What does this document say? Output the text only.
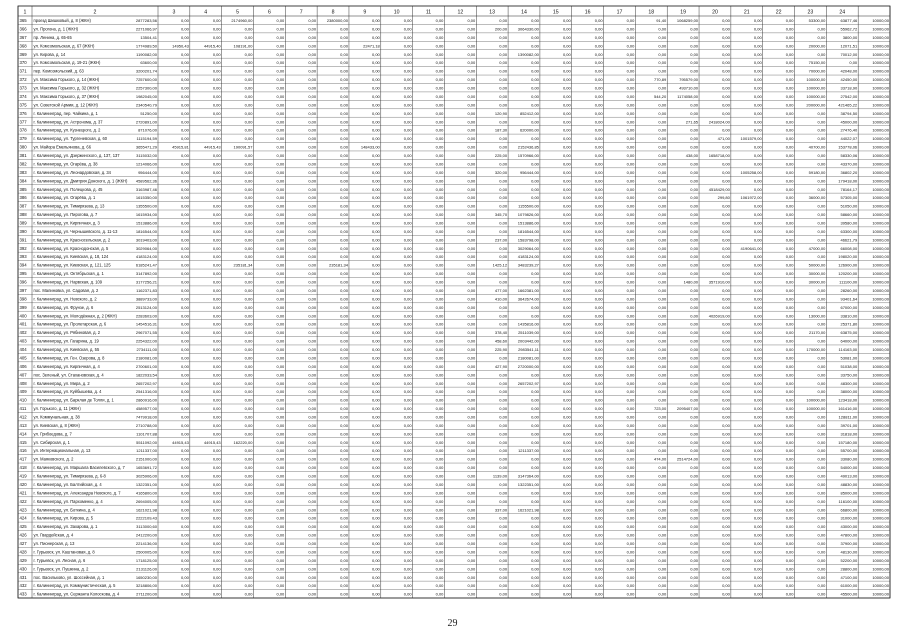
1	2	3	4	5	6	7	8	9	10	11	12	13	14	15	16	17	18	19	20	21	22	23	24
365 проезд Шишковый, д. 8 (ЖКН)	2877283,56	0,00	0,00	2174960,00	0,00	0,00	2380000,00	0,00	0,00	0,00	0,00	0,00	0,00	0,00	0,00	0,00	91,40	1068259,00	0,00	0,00	0,00	53300,00	63877,46	10000,00
366 ул. Прогона, д. 1 (ЖКН)	2271066,97	0,00	0,00	0,00	0,00	0,00	0,00	0,00	0,00	0,00	0,00	200,00	3064330,00	0,00	0,00	0,00	0,00	0,00	0,00	0,00	0,00	0,00	55962,72	10000,00
367 пр. Ленина, д. 65-65	13504,41	0,00	0,00	0,00	0,00	0,00	0,00	0,00	0,00	0,00	0,00	0,00	0,00	0,00	0,00	0,00	0,00	0,00	0,00	0,00	0,00	0,00	3800,00	10000,00
368 ул. Комсомольская, д. 67 (ЖКН)	1774989,50	14950,43	44915,40	108191,00	0,00	0,00	0,00	22471,18	0,00	0,00	0,00	0,00	0,00	0,00	0,00	0,00	0,00	0,00	0,00	0,00	0,00	20000,00	12071,51	10000,00
369 ул. Кирова, д. 14	1190082,00	0,00	0,00	0,00	0,00	0,00	0,00	0,00	0,00	0,00	0,00	0,00	1390082,00	0,00	0,00	0,00	0,00	0,00	0,00	0,00	0,00	0,00	70012,00	10000,00
370 ул. Комсомольская, д. 19-21 (ЖКН)	63600,00	0,00	0,00	0,00	0,00	0,00	0,00	0,00	0,00	0,00	0,00	0,00	0,00	0,00	0,00	0,00	0,00	0,00	0,00	0,00	0,00	75150,00	0,00	10000,00
371 пер. Комсомольский, д. 63	3200201,74	0,00	0,00	0,00	0,00	0,00	0,00	0,00	0,00	0,00	0,00	0,00	0,00	0,00	0,00	0,00	0,00	0,00	0,00	0,00	0,00	70000,00	42048,00	10000,00
372 ул. Максима Горького, д. 14 (ЖКН)	7257600,00	0,00	0,00	0,00	0,00	0,00	0,00	0,00	0,00	0,00	0,00	0,00	0,00	0,00	0,00	0,00	770,89	795579,00	0,00	0,00	0,00	100000,00	42450,00	10000,00
373 ул. Максима Горького, д. 32 (ЖКН)	2257300,00	0,00	0,00	0,00	0,00	0,00	0,00	0,00	0,00	0,00	0,00	0,00	0,00	0,00	0,00	0,00	0,00	493710,00	0,00	0,00	0,00	100000,00	33718,90	10000,00
374 ул. Максима Горького, д. 37 (ЖКН)	1982045,00	0,00	0,00	0,00	0,00	0,00	0,00	0,00	0,00	0,00	0,00	0,00	0,00	0,00	0,00	0,00	544,20	1174058,00	0,00	0,00	0,00	100000,00	27542,00	10000,00
375 ул. Советской Армии, д. 12 (ЖКН)	2340540,79	0,00	0,00	0,00	0,00	0,00	0,00	0,00	0,00	0,00	0,00	0,00	0,00	0,00	0,00	0,00	0,00	0,00	0,00	0,00	0,00	200000,00	421465,22	10000,00
376 г. Калининград, пер. Чайкина, д. 1	51250,00	0,00	0,00	0,00	0,00	0,00	0,00	0,00	0,00	0,00	0,00	120,90	852412,00	0,00	0,00	0,00	0,00	0,00	0,00	0,00	0,00	0,00	38794,50	10000,00
377 г. Калининград, ул. Астронома, д. 37	2720891,00	0,00	0,00	0,00	0,00	0,00	0,00	0,00	0,00	0,00	0,00	0,00	0,00	0,00	0,00	0,00	0,00	271,65	2418024,00	0,00	0,00	0,00	45000,00	10000,00
378 г. Калининград, ул. Кузнецкого, д. 2	871076,00	0,00	0,00	0,00	0,00	0,00	0,00	0,00	0,00	0,00	0,00	187,30	620000,00	0,00	0,00	0,00	0,00	0,00	0,00	0,00	0,00	0,00	27476,40	10000,00
379 г. Калининград, ул. Тургеневская, д. 60	1115194,59	0,00	0,00	0,00	0,00	0,00	0,00	0,00	0,00	0,00	0,00	0,00	0,00	0,00	0,00	0,00	0,00	0,00	471,00	1001579,00	0,00	0,00	44022,07	10000,00
380 ул. Майора Емельянова, д. 66	3655471,29	45915,81	44915,43	190091,57	0,00	0,00	0,00	148433,00	0,00	0,00	0,00	0,00	2152436,85	0,00	0,00	0,00	0,00	0,00	0,00	0,00	0,00	40700,00	153778,06	10000,00
381 г. Калининград, ул. Дзержинского, д. 137, 137	3115032,00	0,00	0,00	0,00	0,00	0,00	0,00	0,00	0,00	0,00	0,00	225,00	1570966,00	0,00	0,00	0,00	0,00	438,00	1658718,00	0,00	0,00	0,00	58330,06	10000,00
382 г. Калининград, ул. Огарёва, д. 38	1214066,00	0,00	0,00	0,00	0,00	0,00	0,00	0,00	0,00	0,00	0,00	0,00	0,00	0,00	0,00	0,00	0,00	0,00	0,00	0,00	0,00	0,00	43370,00	10000,00
383 г. Калининград, ул. Леонардовская, д. 34	956444,00	0,00	0,00	0,00	0,00	0,00	0,00	0,00	0,00	0,00	0,00	320,00	956444,00	0,00	0,00	0,00	0,00	0,00	0,00	1005258,00	0,00	59180,00	36802,20	10000,00
384 г. Калининград, ул. Дмитрия Донского, д. 1 (ЖКН) 4589562,36	0,00	0,00	0,00	0,00	0,00	0,00	0,00	0,00	0,00	0,00	0,00	0,00	0,00	0,00	0,00	0,00	0,00	0,00	0,00	0,00	0,00	179418,00	10000,00
385 г. Калининград, ул. Полецкова, д. 45	3163987,46	0,00	0,00	0,00	0,00	0,00	0,00	0,00	0,00	0,00	0,00	0,00	0,00	0,00	0,00	0,00	0,00	0,00	4518429,00	0,00	0,00	0,00	78164,17	10000,00
386 г. Калининград, ул. Огарёва, д. 1	1615350,00	0,00	0,00	0,00	0,00	0,00	0,00	0,00	0,00	0,00	0,00	0,00	0,00	0,00	0,00	0,00	0,00	0,00	299,80	1061972,00	0,00	36000,00	57305,00	10000,00
387 г. Калининград, ул. Тимирязева, д. 13	1355500,00	0,00	0,00	0,00	0,00	0,00	0,00	0,00	0,00	0,00	0,00	0,00	1155500,00	0,00	0,00	0,00	0,00	0,00	0,00	0,00	0,00	0,00	51050,00	10000,00
388 г. Калининград, ул. Пирогова, д. 7	1615934,00	0,00	0,00	0,00	0,00	0,00	0,00	0,00	0,00	0,00	0,00	345,70	1079826,00	0,00	0,00	0,00	0,00	0,00	0,00	0,00	0,00	0,00	58660,00	10000,00
389 г. Калининград, ул. Кирпичная, д. 3	1513886,00	0,00	0,00	0,00	0,00	0,00	0,00	0,00	0,00	0,00	0,00	0,00	1513886,00	0,00	0,00	0,00	0,00	0,00	0,00	0,00	0,00	0,00	39580,00	10000,00
390 г. Калининград, ул. Чернышевского, д. 11-13	1816544,00	0,00	0,00	0,00	0,00	0,00	0,00	0,00	0,00	0,00	0,00	0,00	1816544,00	0,00	0,00	0,00	0,00	0,00	0,00	0,00	0,00	0,00	63300,00	10000,00
391 г. Калининград, ул. Красносельская, д. 2	3019403,00	0,00	0,00	0,00	0,00	0,00	0,00	0,00	0,00	0,00	0,00	237,00	1583798,00	0,00	0,00	0,00	0,00	0,00	0,00	0,00	0,00	0,00	46621,79	10000,00
392 г. Калининград, ул. Краснодонская, д. 5	3029064,00	0,00	0,00	0,00	0,00	0,00	0,00	0,00	0,00	0,00	0,00	0,00	3029064,00	0,00	0,00	0,00	0,00	0,00	0,00	4190641,00	0,00	47000,00	66008,00	10000,00
393 г. Калининград, ул. Киевская, д. 18, 124	4183124,00	0,00	0,00	0,00	0,00	0,00	0,00	0,00	0,00	0,00	0,00	0,00	4183124,00	0,00	0,00	0,00	0,00	0,00	0,00	0,00	0,00	0,00	198020,00	10000,00
394 г. Калининград, ул. Киевская, д. 121, 125	6185241,47	0,00	0,00	235181,34	0,00	0,00	235181,34	0,00	0,00	0,00	0,00	1425,12	3483239,27	0,00	0,00	0,00	0,00	0,00	0,00	0,00	0,00	50000,00	126900,00	10000,00
395 г. Калининград, ул. Октябрьская, д. 1	3147892,00	0,00	0,00	0,00	0,00	0,00	0,00	0,00	0,00	0,00	0,00	0,00	0,00	0,00	0,00	0,00	0,00	0,00	0,00	0,00	0,00	30000,00	120200,00	10000,00
396 г. Калининград, ул. Нарвская, д. 109	3177256,21	0,00	0,00	0,00	0,00	0,00	0,00	0,00	0,00	0,00	0,00	0,00	0,00	0,00	0,00	0,00	0,00	1480,00	3571910,00	0,00	0,00	30000,00	111100,00	10000,00
397 пос. Малиновка, ул. Садовая, д. 2	1162371,83	0,00	0,00	0,00	0,00	0,00	0,00	0,00	0,00	0,00	0,00	477,00	1662381,00	0,00	0,00	0,00	0,00	0,00	0,00	0,00	0,00	0,00	28260,00	10000,00
398 г. Калининград, ул. Невского, д. 2	3889733,00	0,00	0,00	0,00	0,00	0,00	0,00	0,00	0,00	0,00	0,00	410,00	3642674,00	0,00	0,00	0,00	0,00	0,00	0,00	0,00	0,00	0,00	93401,64	10000,00
399 г. Калининград, ул. Фрунзе, д. 6	2513124,00	0,00	0,00	0,00	0,00	0,00	0,00	0,00	0,00	0,00	0,00	0,00	0,00	0,00	0,00	0,00	0,00	0,00	0,00	0,00	0,00	0,00	67000,00	10000,00
400 г. Калининград, ул. Молодёжная, д. 2 (ЖКН)	2283603,00	0,00	0,00	0,00	0,00	0,00	0,00	0,00	0,00	0,00	0,00	0,00	0,00	0,00	0,00	0,00	0,00	0,00	4026919,00	0,00	0,00	13000,00	33810,00	10000,00
401 г. Калининград, ул. Пролетарская, д. 6	1454516,31	0,00	0,00	0,00	0,00	0,00	0,00	0,00	0,00	0,00	0,00	0,00	1435816,00	0,00	0,00	0,00	0,00	0,00	0,00	0,00	0,00	0,00	25371,80	10000,00
402 г. Калининград, ул. Рябиновая, д. 2	2967071,55	0,00	0,00	0,00	0,00	0,00	0,00	0,00	0,00	0,00	0,00	378,40	2511039,00	0,00	0,00	0,00	0,00	0,00	0,00	0,00	0,00	21170,00	63875,00	10000,00
403 г. Калининград, ул. Гагарина, д. 19	2254322,00	0,00	0,00	0,00	0,00	0,00	0,00	0,00	0,00	0,00	0,00	458,60	2003442,00	0,00	0,00	0,00	0,00	0,00	0,00	0,00	0,00	0,00	64000,00	10000,00
404 г. Калининград, ул. Киевская, д. 55	2734111,00	0,00	0,00	0,00	0,00	0,00	0,00	0,00	0,00	0,00	0,00	225,90	2983541,11	0,00	0,00	0,00	0,00	0,00	0,00	0,00	0,00	170000,00	114163,00	10000,00
405 г. Калининград, ул. Ген. Озерова, д. 8	2180081,00	0,00	0,00	0,00	0,00	0,00	0,00	0,00	0,00	0,00	0,00	0,00	2180081,00	0,00	0,00	0,00	0,00	0,00	0,00	0,00	0,00	0,00	53081,00	10000,00
406 г. Калининград, ул. Кирпичная, д. 4	2700601,00	0,00	0,00	0,00	0,00	0,00	0,00	0,00	0,00	0,00	0,00	427,90	2720000,00	0,00	0,00	0,00	0,00	0,00	0,00	0,00	0,00	0,00	51038,00	10000,00
407 пос. Зеленый, ул. Стахановская, д. 4	1822033,54	0,00	0,00	0,00	0,00	0,00	0,00	0,00	0,00	0,00	0,00	0,00	0,00	0,00	0,00	0,00	0,00	0,00	0,00	0,00	0,00	0,00	33750,00	10000,00
408 г. Калининград, ул. Мира, д. 2	2657202,97	0,00	0,00	0,00	0,00	0,00	0,00	0,00	0,00	0,00	0,00	0,00	2657202,97	0,00	0,00	0,00	0,00	0,00	0,00	0,00	0,00	0,00	48300,00	10000,00
409 г. Калининград, ул. Куйбышева, д. 4	2541316,00	0,00	0,00	0,00	0,00	0,00	0,00	0,00	0,00	0,00	0,00	0,00	0,00	0,00	0,00	0,00	0,00	0,00	0,00	0,00	0,00	0,00	38000,00	10000,00
410 г. Калининград, ул. Барклая де Толли, д. 1	2860916,00	0,00	0,00	0,00	0,00	0,00	0,00	0,00	0,00	0,00	0,00	0,00	0,00	0,00	0,00	0,00	0,00	0,00	0,00	0,00	0,00	100000,00	123418,00	10000,00
411 ул. Горького, д. 11 (ЖКН)	4589577,00	0,00	0,00	0,00	0,00	0,00	0,00	0,00	0,00	0,00	0,00	0,00	0,00	0,00	0,00	0,00	723,00	2095407,00	0,00	0,00	0,00	100000,00	161416,00	10000,00
412 ул. Коммунальная, д. 38	7479918,00	0,00	0,00	0,00	0,00	0,00	0,00	0,00	0,00	0,00	0,00	0,00	0,00	0,00	0,00	0,00	0,00	0,00	0,00	0,00	0,00	0,00	128811,00	10000,00
413 ул. Киевская, д. 8 (ЖКН)	2710788,00	0,00	0,00	0,00	0,00	0,00	0,00	0,00	0,00	0,00	0,00	0,00	0,00	0,00	0,00	0,00	0,00	0,00	0,00	0,00	0,00	0,00	39701,00	10000,00
414 ул. Грибоедова, д. 7	1101707,88	0,00	0,00	0,00	0,00	0,00	0,00	0,00	0,00	0,00	0,00	0,00	0,00	0,00	0,00	0,00	0,00	0,00	0,00	0,00	0,00	0,00	31818,00	10000,00
415 ул. Сибирская, д. 1	5511092,00	44915,43	44915,43	162220,00	0,00	0,00	0,00	0,00	0,00	0,00	0,00	0,00	0,00	0,00	0,00	0,00	0,00	0,00	0,00	0,00	0,00	0,00	157180,00	10000,00
416 ул. Интернациональная, д. 13	1211337,00	0,00	0,00	0,00	0,00	0,00	0,00	0,00	0,00	0,00	0,00	0,00	1211337,00	0,00	0,00	0,00	0,00	0,00	0,00	0,00	0,00	0,00	55700,00	10000,00
417 ул. Маяковского, д. 2	2151000,00	0,00	0,00	0,00	0,00	0,00	0,00	0,00	0,00	0,00	0,00	0,00	0,00	0,00	0,00	0,00	474,00	2514724,00	0,00	0,00	0,00	0,00	33080,00	10000,00
418 г. Калининград, ул. Маршала Василевского, д. 7	1653691,72	0,00	0,00	0,00	0,00	0,00	0,00	0,00	0,00	0,00	0,00	0,00	0,00	0,00	0,00	0,00	0,00	0,00	0,00	0,00	0,00	0,00	54000,00	10000,00
419 г. Калининград, ул. Тимирязева, д. 6-8	3025906,00	0,00	0,00	0,00	0,00	0,00	0,00	0,00	0,00	0,00	0,00	1139,00	3147364,00	0,00	0,00	0,00	0,00	0,00	0,00	0,00	0,00	0,00	49013,00	10000,00
420 г. Калининград, ул. Балтийская, д. 4	1322351,00	0,00	0,00	0,00	0,00	0,00	0,00	0,00	0,00	0,00	0,00	0,00	1322351,00	0,00	0,00	0,00	0,00	0,00	0,00	0,00	0,00	0,00	48830,00	10000,00
421 г. Калининград, ул. Александра Невского, д. 7	4165800,00	0,00	0,00	0,00	0,00	0,00	0,00	0,00	0,00	0,00	0,00	0,00	0,00	0,00	0,00	0,00	0,00	0,00	0,00	0,00	0,00	0,00	85000,00	10000,00
422 г. Калининград, ул. Пархоменко, д. 4	2694005,00	0,00	0,00	0,00	0,00	0,00	0,00	0,00	0,00	0,00	0,00	0,00	0,00	0,00	0,00	0,00	0,00	0,00	0,00	0,00	0,00	0,00	116100,00	10000,00
423 г. Калининград, ул. Боткина, д. 4	1621021,98	0,00	0,00	0,00	0,00	0,00	0,00	0,00	0,00	0,00	0,00	337,00	1621021,98	0,00	0,00	0,00	0,00	0,00	0,00	0,00	0,00	0,00	66800,00	10000,00
424 г. Калининград, ул. Кирова, д. 5	2222109,43	0,00	0,00	0,00	0,00	0,00	0,00	0,00	0,00	0,00	0,00	0,00	0,00	0,00	0,00	0,00	0,00	0,00	0,00	0,00	0,00	0,00	31000,00	10000,00
425 г. Калининград, ул. Захарова, д. 1	3113000,60	0,00	0,00	0,00	0,00	0,00	0,00	0,00	0,00	0,00	0,00	0,00	0,00	0,00	0,00	0,00	0,00	0,00	0,00	0,00	0,00	0,00	43000,00	10000,00
426 ул. Гвардейская, д. 4	2412200,00	0,00	0,00	0,00	0,00	0,00	0,00	0,00	0,00	0,00	0,00	0,00	0,00	0,00	0,00	0,00	0,00	0,00	0,00	0,00	0,00	0,00	47800,00	10000,00
427 ул. Пионерская, д. 13	2214136,00	0,00	0,00	0,00	0,00	0,00	0,00	0,00	0,00	0,00	0,00	0,00	0,00	0,00	0,00	0,00	0,00	0,00	0,00	0,00	0,00	0,00	37900,00	10000,00
428 г. Гурьевск, ул. Каштановая, д. 8	2500005,00	0,00	0,00	0,00	0,00	0,00	0,00	0,00	0,00	0,00	0,00	0,00	0,00	0,00	0,00	0,00	0,00	0,00	0,00	0,00	0,00	0,00	48130,00	10000,00
429 г. Гурьевск, ул. Лесная, д. 6	1718125,00	0,00	0,00	0,00	0,00	0,00	0,00	0,00	0,00	0,00	0,00	0,00	0,00	0,00	0,00	0,00	0,00	0,00	0,00	0,00	0,00	0,00	52200,00	10000,00
430 г. Гурьевск, ул. Пушкина, д. 2	2131126,00	0,00	0,00	0,00	0,00	0,00	0,00	0,00	0,00	0,00	0,00	0,00	0,00	0,00	0,00	0,00	0,00	0,00	0,00	0,00	0,00	0,00	28800,00	10000,00
431 пос. Васильково, ул. Шоссейная, д. 1	1650230,00	0,00	0,00	0,00	0,00	0,00	0,00	0,00	0,00	0,00	0,00	0,00	0,00	0,00	0,00	0,00	0,00	0,00	0,00	0,00	0,00	0,00	47100,00	10000,00
432 г. Калининград, ул. Коммунистическая, д. 5	3218806,00	0,00	0,00	0,00	0,00	0,00	0,00	0,00	0,00	0,00	0,00	0,00	0,00	0,00	0,00	0,00	0,00	0,00	0,00	0,00	0,00	0,00	61000,00	10000,00
433 г. Калининград, ул. Сержанта Колоскова, д. 4	2711200,00	0,00	0,00	0,00	0,00	0,00	0,00	0,00	0,00	0,00	0,00	0,00	0,00	0,00	0,00	0,00	0,00	0,00	0,00	0,00	0,00	0,00	45500,00	10000,00
29
